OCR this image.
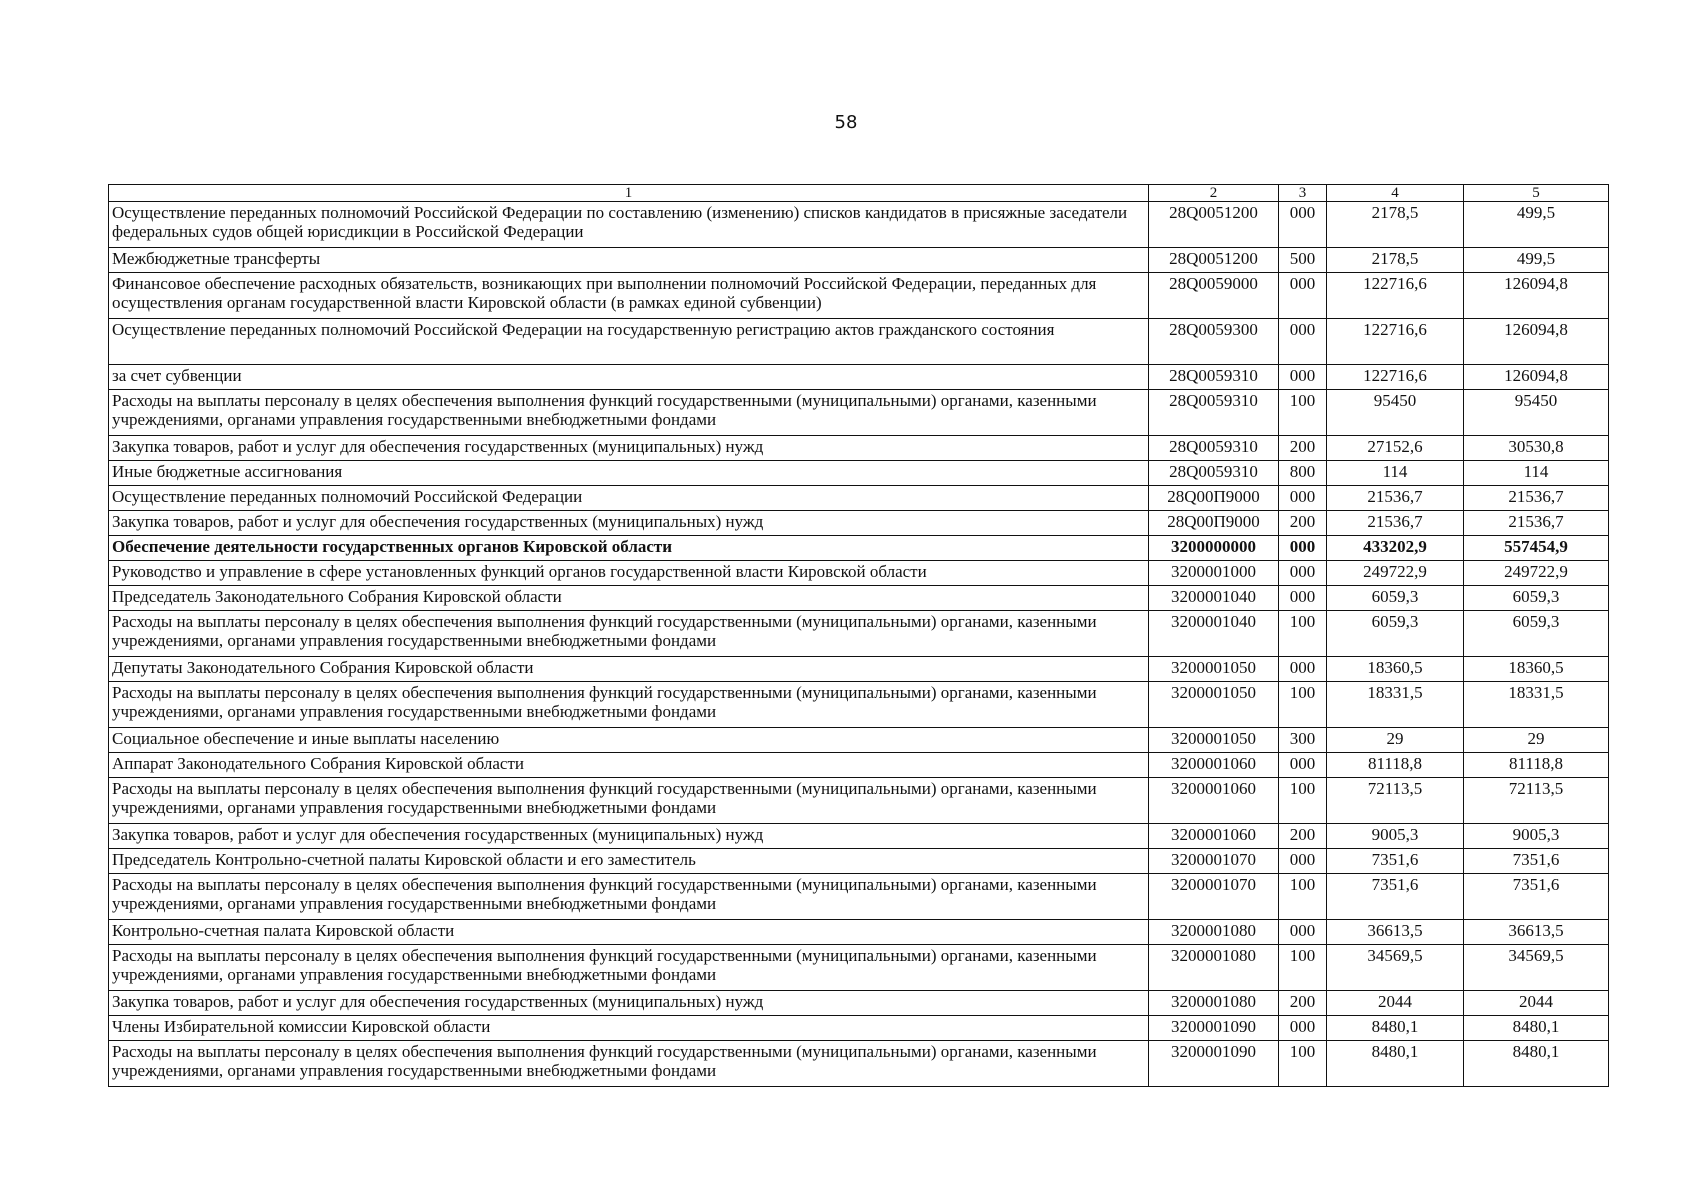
58
1	2	3	4	5
Осуществление переданных полномочий Российской Федерации по составлению (изменению) списков кандидатов в присяжные заседатели федеральных судов общей юрисдикции в Российской Федерации	28Q0051200	000	2178,5	499,5
Межбюджетные трансферты	28Q0051200	500	2178,5	499,5
Финансовое обеспечение расходных обязательств, возникающих при выполнении полномочий Российской Федерации, переданных для осуществления органам государственной власти Кировской области (в рамках единой субвенции)	28Q0059000	000	122716,6	126094,8
Осуществление переданных полномочий Российской Федерации на государственную регистрацию актов гражданского состояния	28Q0059300	000	122716,6	126094,8
за счет субвенции	28Q0059310	000	122716,6	126094,8
Расходы на выплаты персоналу в целях обеспечения выполнения функций государственными (муниципальными) органами, казенными учреждениями, органами управления государственными внебюджетными фондами	28Q0059310	100	95450	95450
Закупка товаров, работ и услуг для обеспечения государственных (муниципальных) нужд	28Q0059310	200	27152,6	30530,8
Иные бюджетные ассигнования	28Q0059310	800	114	114
Осуществление переданных полномочий Российской Федерации	28Q00П9000	000	21536,7	21536,7
Закупка товаров, работ и услуг для обеспечения государственных (муниципальных) нужд	28Q00П9000	200	21536,7	21536,7
Обеспечение деятельности государственных органов Кировской области	3200000000	000	433202,9	557454,9
Руководство и управление в сфере установленных функций органов государственной власти Кировской области	3200001000	000	249722,9	249722,9
Председатель Законодательного Собрания Кировской области	3200001040	000	6059,3	6059,3
Расходы на выплаты персоналу в целях обеспечения выполнения функций государственными (муниципальными) органами, казенными учреждениями, органами управления государственными внебюджетными фондами	3200001040	100	6059,3	6059,3
Депутаты Законодательного Собрания Кировской области	3200001050	000	18360,5	18360,5
Расходы на выплаты персоналу в целях обеспечения выполнения функций государственными (муниципальными) органами, казенными учреждениями, органами управления государственными внебюджетными фондами	3200001050	100	18331,5	18331,5
Социальное обеспечение и иные выплаты населению	3200001050	300	29	29
Аппарат Законодательного Собрания Кировской области	3200001060	000	81118,8	81118,8
Расходы на выплаты персоналу в целях обеспечения выполнения функций государственными (муниципальными) органами, казенными учреждениями, органами управления государственными внебюджетными фондами	3200001060	100	72113,5	72113,5
Закупка товаров, работ и услуг для обеспечения государственных (муниципальных) нужд	3200001060	200	9005,3	9005,3
Председатель Контрольно-счетной палаты Кировской области и его заместитель	3200001070	000	7351,6	7351,6
Расходы на выплаты персоналу в целях обеспечения выполнения функций государственными (муниципальными) органами, казенными учреждениями, органами управления государственными внебюджетными фондами	3200001070	100	7351,6	7351,6
Контрольно-счетная палата Кировской области	3200001080	000	36613,5	36613,5
Расходы на выплаты персоналу в целях обеспечения выполнения функций государственными (муниципальными) органами, казенными учреждениями, органами управления государственными внебюджетными фондами	3200001080	100	34569,5	34569,5
Закупка товаров, работ и услуг для обеспечения государственных (муниципальных) нужд	3200001080	200	2044	2044
Члены Избирательной комиссии Кировской области	3200001090	000	8480,1	8480,1
Расходы на выплаты персоналу в целях обеспечения выполнения функций государственными (муниципальными) органами, казенными учреждениями, органами управления государственными внебюджетными фондами	3200001090	100	8480,1	8480,1
